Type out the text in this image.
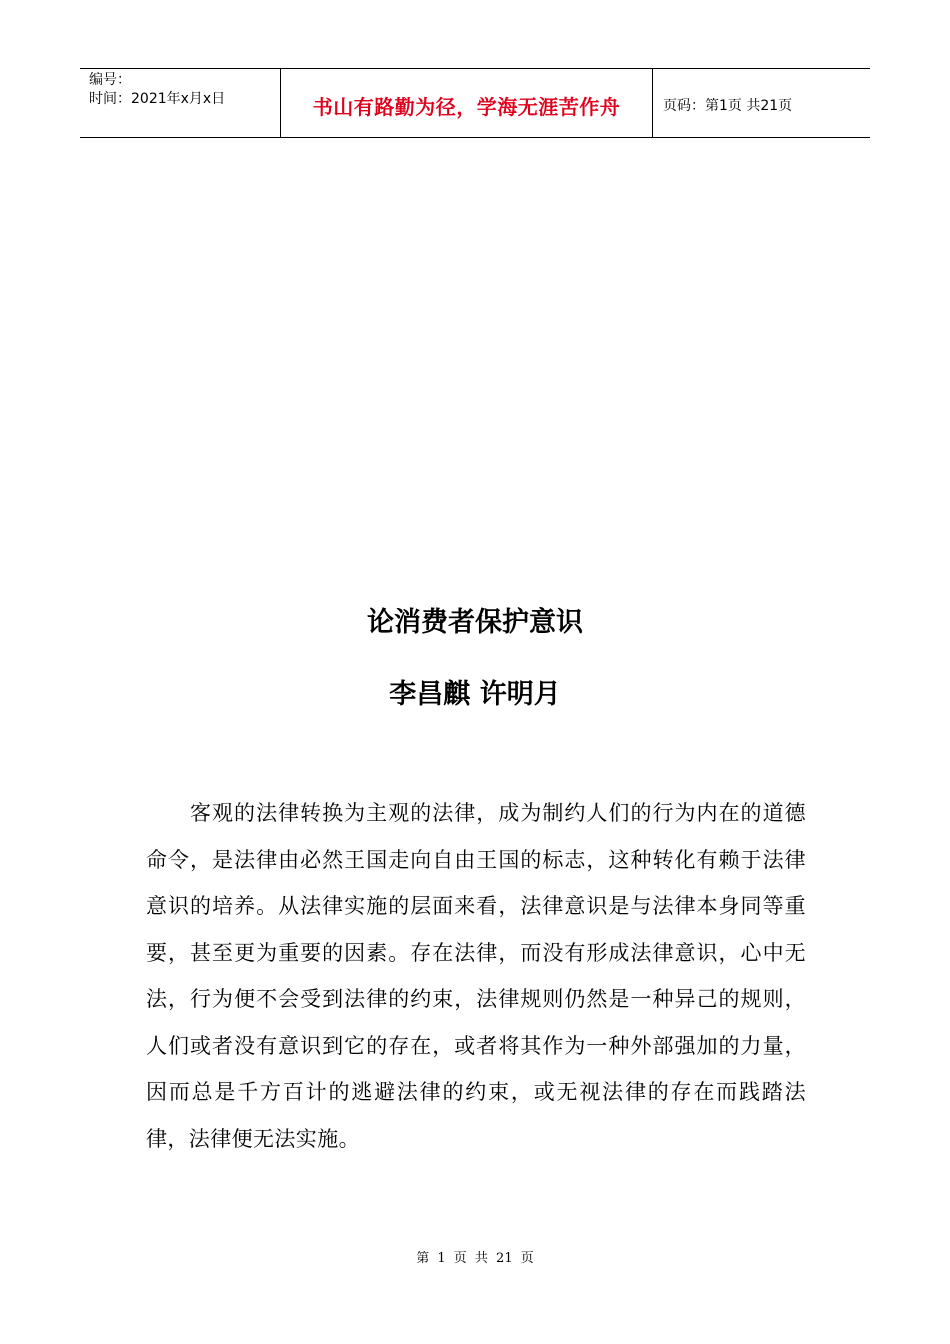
编号：
时间：2021年x月x日	书山有路勤为径，学海无涯苦作舟	页码：第1页 共21页
论消费者保护意识
李昌麒 许明月

客观的法律转换为主观的法律，成为制约人们的行为内在的道德命令，是法律由必然王国走向自由王国的标志，这种转化有赖于法律意识的培养。从法律实施的层面来看，法律意识是与法律本身同等重要，甚至更为重要的因素。存在法律，而没有形成法律意识，心中无法，行为便不会受到法律的约束，法律规则仍然是一种异己的规则，人们或者没有意识到它的存在，或者将其作为一种外部强加的力量，因而总是千方百计的逃避法律的约束，或无视法律的存在而践踏法律，法律便无法实施。

第 1 页 共 21 页
